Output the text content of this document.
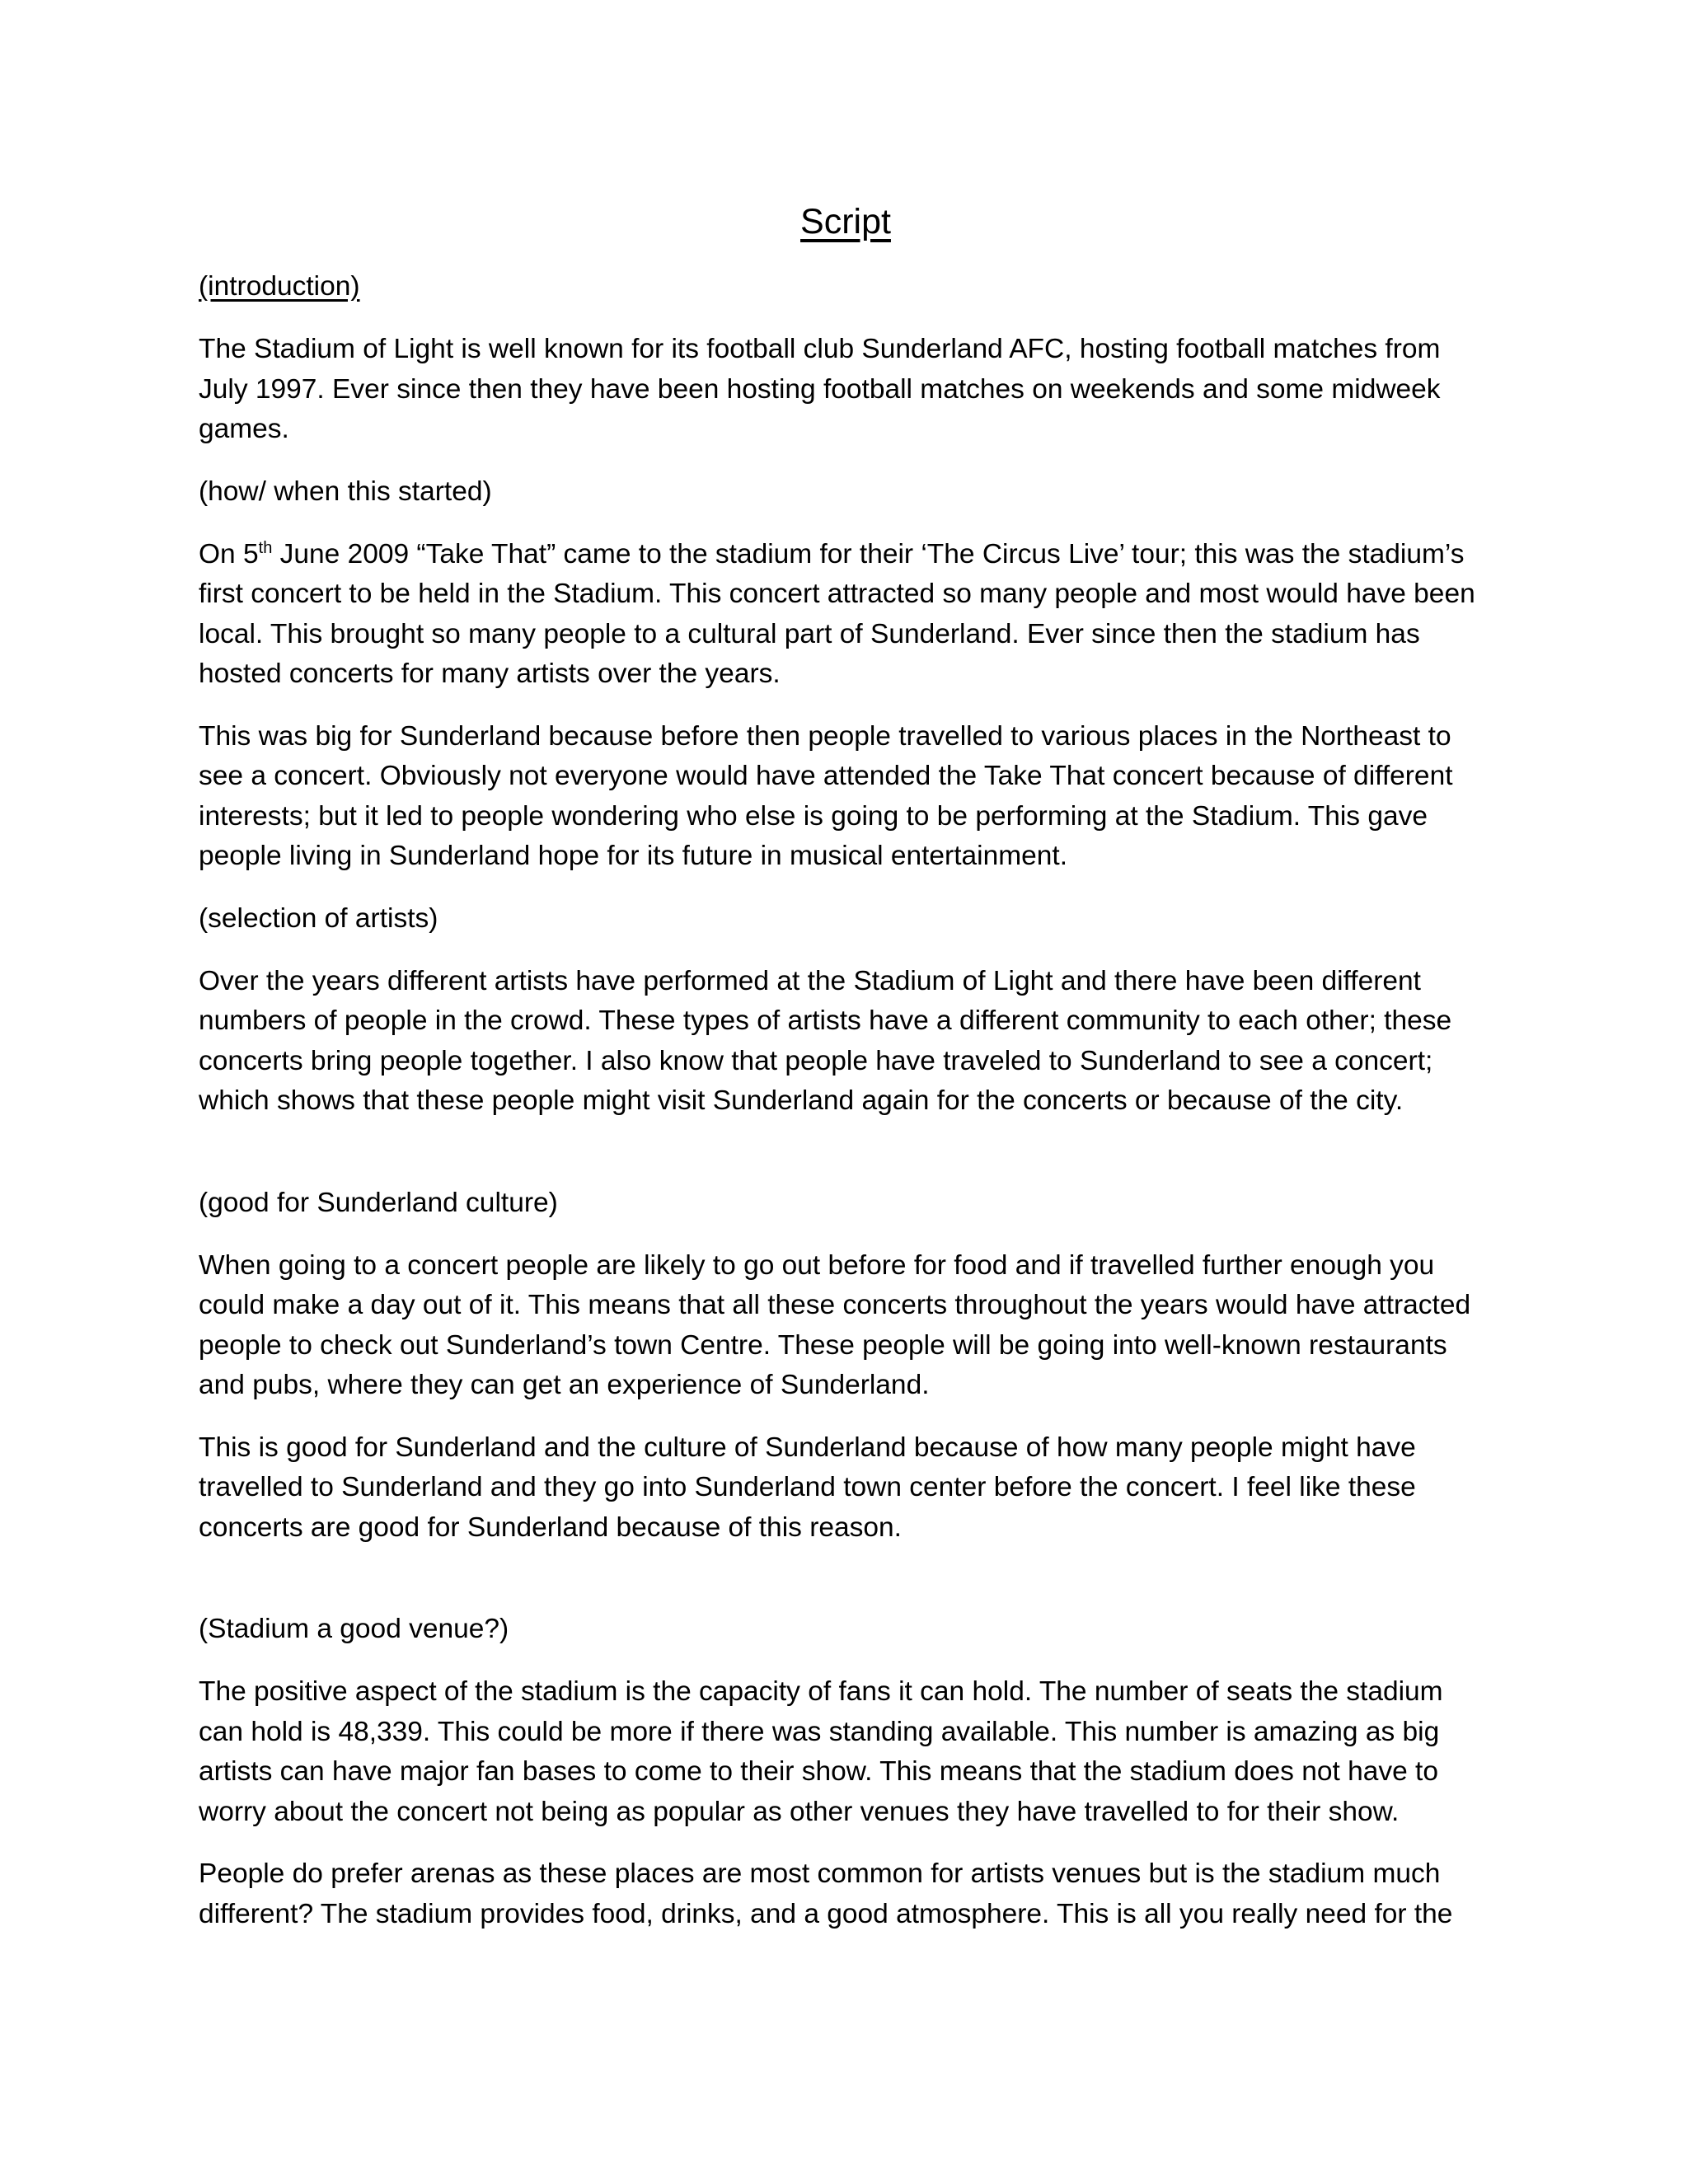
Script
(introduction)
The Stadium of Light is well known for its football club Sunderland AFC, hosting football matches from July 1997. Ever since then they have been hosting football matches on weekends and some midweek games.
(how/ when this started)
On 5th June 2009 “Take That” came to the stadium for their ‘The Circus Live’ tour; this was the stadium’s first concert to be held in the Stadium. This concert attracted so many people and most would have been local. This brought so many people to a cultural part of Sunderland. Ever since then the stadium has hosted concerts for many artists over the years.
This was big for Sunderland because before then people travelled to various places in the Northeast to see a concert. Obviously not everyone would have attended the Take That concert because of different interests; but it led to people wondering who else is going to be performing at the Stadium. This gave people living in Sunderland hope for its future in musical entertainment.
(selection of artists)
Over the years different artists have performed at the Stadium of Light and there have been different numbers of people in the crowd. These types of artists have a different community to each other; these concerts bring people together. I also know that people have traveled to Sunderland to see a concert; which shows that these people might visit Sunderland again for the concerts or because of the city.
(good for Sunderland culture)
When going to a concert people are likely to go out before for food and if travelled further enough you could make a day out of it. This means that all these concerts throughout the years would have attracted people to check out Sunderland’s town Centre. These people will be going into well-known restaurants and pubs, where they can get an experience of Sunderland.
This is good for Sunderland and the culture of Sunderland because of how many people might have travelled to Sunderland and they go into Sunderland town center before the concert. I feel like these concerts are good for Sunderland because of this reason.
(Stadium a good venue?)
The positive aspect of the stadium is the capacity of fans it can hold. The number of seats the stadium can hold is 48,339. This could be more if there was standing available. This number is amazing as big artists can have major fan bases to come to their show. This means that the stadium does not have to worry about the concert not being as popular as other venues they have travelled to for their show.
People do prefer arenas as these places are most common for artists venues but is the stadium much different? The stadium provides food, drinks, and a good atmosphere. This is all you really need for the
